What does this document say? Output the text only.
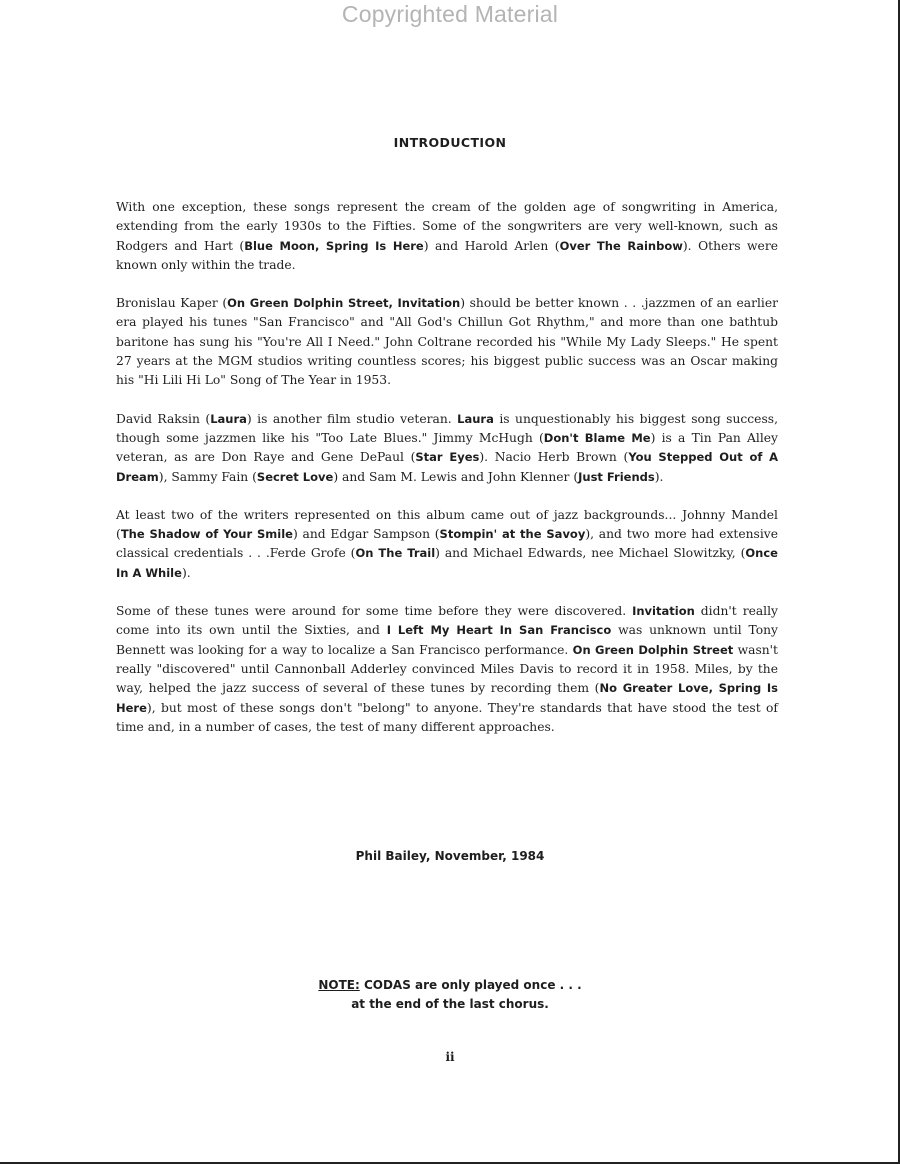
Copyrighted Material
INTRODUCTION

With one exception, these songs represent the cream of the golden age of songwriting in America, extending from the early 1930s to the Fifties. Some of the songwriters are very well-known, such as Rodgers and Hart (Blue Moon, Spring Is Here) and Harold Arlen (Over The Rainbow). Others were known only within the trade.

Bronislau Kaper (On Green Dolphin Street, Invitation) should be better known . . .jazzmen of an earlier era played his tunes "San Francisco" and "All God's Chillun Got Rhythm," and more than one bathtub baritone has sung his "You're All I Need." John Coltrane recorded his "While My Lady Sleeps." He spent 27 years at the MGM studios writing countless scores; his biggest public success was an Oscar making his "Hi Lili Hi Lo" Song of The Year in 1953.

David Raksin (Laura) is another film studio veteran. Laura is unquestionably his biggest song success, though some jazzmen like his "Too Late Blues." Jimmy McHugh (Don't Blame Me) is a Tin Pan Alley veteran, as are Don Raye and Gene DePaul (Star Eyes). Nacio Herb Brown (You Stepped Out of A Dream), Sammy Fain (Secret Love) and Sam M. Lewis and John Klenner (Just Friends).

At least two of the writers represented on this album came out of jazz backgrounds... Johnny Mandel (The Shadow of Your Smile) and Edgar Sampson (Stompin' at the Savoy), and two more had extensive classical credentials . . .Ferde Grofe (On The Trail) and Michael Edwards, nee Michael Slowitzky, (Once In A While).

Some of these tunes were around for some time before they were discovered. Invitation didn't really come into its own until the Sixties, and I Left My Heart In San Francisco was unknown until Tony Bennett was looking for a way to localize a San Francisco performance. On Green Dolphin Street wasn't really "discovered" until Cannonball Adderley convinced Miles Davis to record it in 1958. Miles, by the way, helped the jazz success of several of these tunes by recording them (No Greater Love, Spring Is Here), but most of these songs don't "belong" to anyone. They're standards that have stood the test of time and, in a number of cases, the test of many different approaches.

Phil Bailey, November, 1984
NOTE: CODAS are only played once . . .
at the end of the last chorus.
ii
